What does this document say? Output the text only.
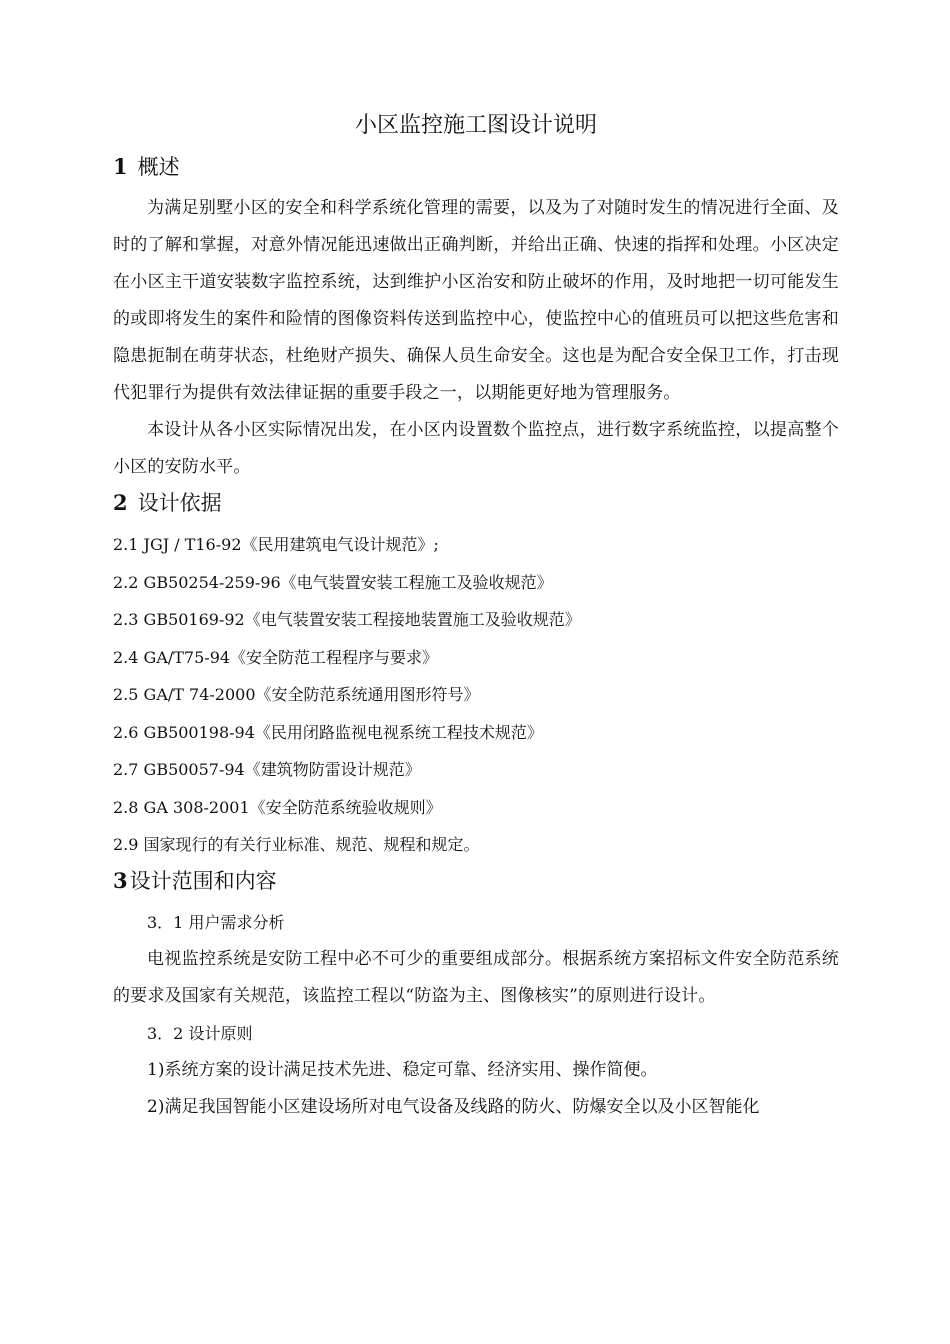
小区监控施工图设计说明
1 概述

为满足别墅小区的安全和科学系统化管理的需要，以及为了对随时发生的情况进行全面、及时的了解和掌握，对意外情况能迅速做出正确判断，并给出正确、快速的指挥和处理。小区决定在小区主干道安装数字监控系统，达到维护小区治安和防止破坏的作用，及时地把一切可能发生的或即将发生的案件和险情的图像资料传送到监控中心，使监控中心的值班员可以把这些危害和隐患扼制在萌芽状态，杜绝财产损失、确保人员生命安全。这也是为配合安全保卫工作，打击现代犯罪行为提供有效法律证据的重要手段之一，以期能更好地为管理服务。

本设计从各小区实际情况出发，在小区内设置数个监控点，进行数字系统监控，以提高整个小区的安防水平。

2 设计依据
2.1 JGJ / T16-92《民用建筑电气设计规范》;
2.2 GB50254-259-96《电气装置安装工程施工及验收规范》
2.3 GB50169-92《电气装置安装工程接地装置施工及验收规范》
2.4 GA/T75-94《安全防范工程程序与要求》
2.5 GA/T 74-2000《安全防范系统通用图形符号》
2.6 GB500198-94《民用闭路监视电视系统工程技术规范》
2.7 GB50057-94《建筑物防雷设计规范》
2.8 GA 308-2001《安全防范系统验收规则》
2.9 国家现行的有关行业标准、规范、规程和规定。
3设计范围和内容

3．1 用户需求分析

电视监控系统是安防工程中必不可少的重要组成部分。根据系统方案招标文件安全防范系统的要求及国家有关规范，该监控工程以“防盗为主、图像核实”的原则进行设计。

3．2 设计原则

1)系统方案的设计满足技术先进、稳定可靠、经济实用、操作简便。

2)满足我国智能小区建设场所对电气设备及线路的防火、防爆安全以及小区智能化
